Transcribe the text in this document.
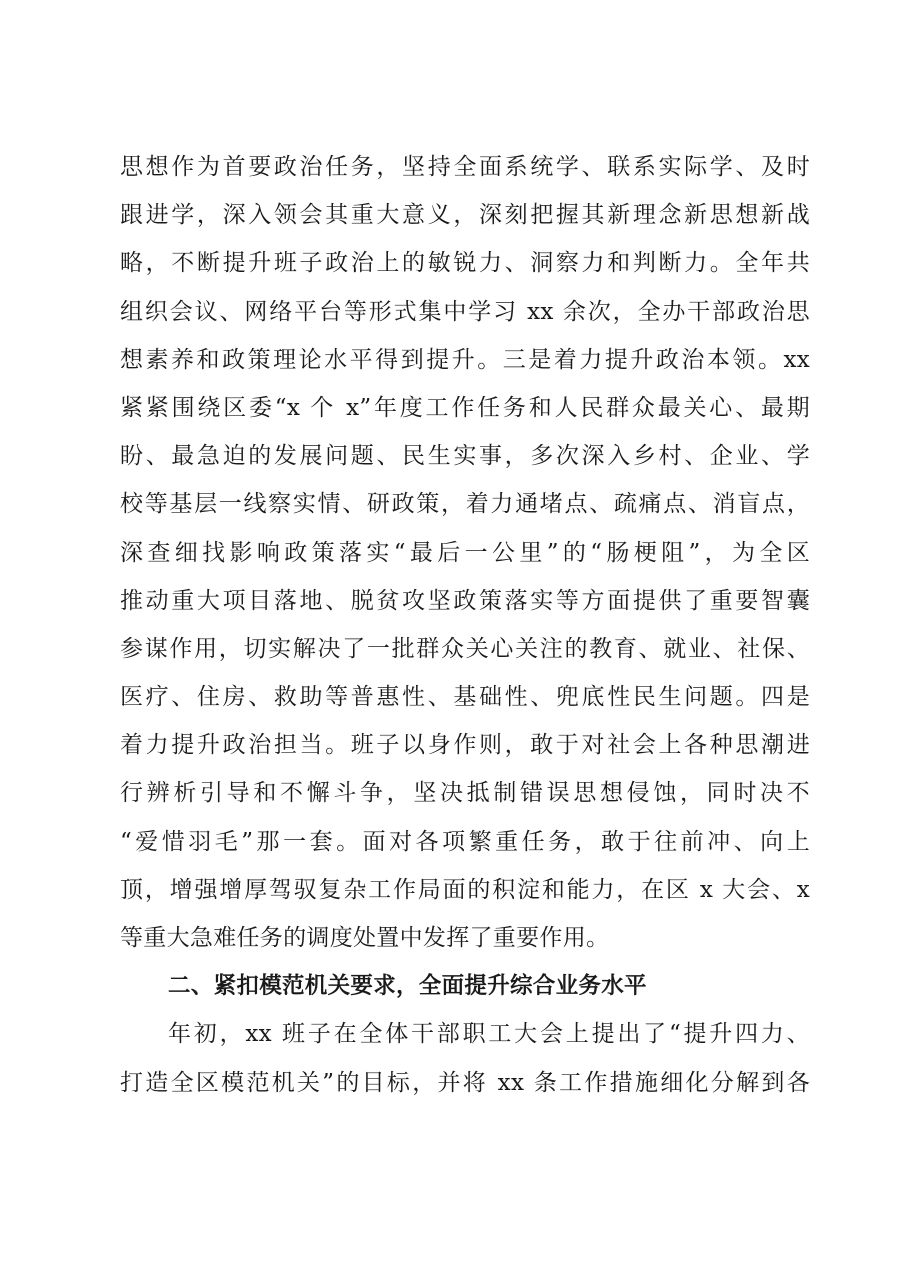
思想作为首要政治任务，坚持全面系统学、联系实际学、及时
跟进学，深入领会其重大意义，深刻把握其新理念新思想新战
略，不断提升班子政治上的敏锐力、洞察力和判断力。全年共
组织会议、网络平台等形式集中学习 xx 余次，全办干部政治思
想素养和政策理论水平得到提升。三是着力提升政治本领。xx
紧紧围绕区委“x 个 x”年度工作任务和人民群众最关心、最期
盼、最急迫的发展问题、民生实事，多次深入乡村、企业、学
校等基层一线察实情、研政策，着力通堵点、疏痛点、消盲点，
深查细找影响政策落实“最后一公里”的“肠梗阻”，为全区
推动重大项目落地、脱贫攻坚政策落实等方面提供了重要智囊
参谋作用，切实解决了一批群众关心关注的教育、就业、社保、
医疗、住房、救助等普惠性、基础性、兜底性民生问题。四是
着力提升政治担当。班子以身作则，敢于对社会上各种思潮进
行辨析引导和不懈斗争，坚决抵制错误思想侵蚀，同时决不
“爱惜羽毛”那一套。面对各项繁重任务，敢于往前冲、向上
顶，增强增厚驾驭复杂工作局面的积淀和能力，在区 x 大会、x
等重大急难任务的调度处置中发挥了重要作用。
二、紧扣模范机关要求，全面提升综合业务水平
年初，xx 班子在全体干部职工大会上提出了“提升四力、
打造全区模范机关”的目标，并将 xx 条工作措施细化分解到各
